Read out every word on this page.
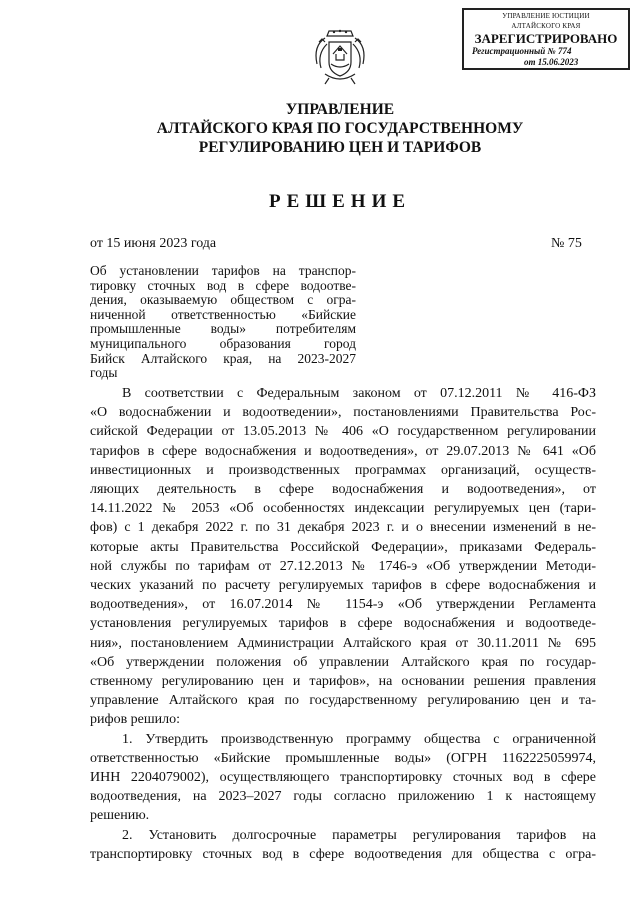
УПРАВЛЕНИЕ ЮСТИЦИИ
АЛТАЙСКОГО КРАЯ
ЗАРЕГИСТРИРОВАНО
Регистрационный № 774
от 15.06.2023
УПРАВЛЕНИЕ
АЛТАЙСКОГО КРАЯ ПО ГОСУДАРСТВЕННОМУ
РЕГУЛИРОВАНИЮ ЦЕН И ТАРИФОВ
РЕШЕНИЕ
от 15 июня 2023 года	№ 75
Об установлении тарифов на транспор-
тировку сточных вод в сфере водоотве-
дения, оказываемую обществом с огра-
ниченной ответственностью «Бийские
промышленные воды» потребителям
муниципального образования город
Бийск Алтайского края, на 2023-2027
годы
В соответствии с Федеральным законом от 07.12.2011 № 416-ФЗ
«О водоснабжении и водоотведении», постановлениями Правительства Рос-
сийской Федерации от 13.05.2013 № 406 «О государственном регулировании
тарифов в сфере водоснабжения и водоотведения», от 29.07.2013 № 641 «Об
инвестиционных и производственных программах организаций, осуществ-
ляющих деятельность в сфере водоснабжения и водоотведения», от
14.11.2022 № 2053 «Об особенностях индексации регулируемых цен (тари-
фов) с 1 декабря 2022 г. по 31 декабря 2023 г. и о внесении изменений в не-
которые акты Правительства Российской Федерации», приказами Федераль-
ной службы по тарифам от 27.12.2013 № 1746-э «Об утверждении Методи-
ческих указаний по расчету регулируемых тарифов в сфере водоснабжения и
водоотведения», от 16.07.2014 № 1154-э «Об утверждении Регламента
установления регулируемых тарифов в сфере водоснабжения и водоотведе-
ния», постановлением Администрации Алтайского края от 30.11.2011 № 695
«Об утверждении положения об управлении Алтайского края по государ-
ственному регулированию цен и тарифов», на основании решения правления
управление Алтайского края по государственному регулированию цен и та-
рифов решило:
1. Утвердить производственную программу общества с ограниченной
ответственностью «Бийские промышленные воды» (ОГРН 1162225059974,
ИНН 2204079002), осуществляющего транспортировку сточных вод в сфере
водоотведения, на 2023–2027 годы согласно приложению 1 к настоящему
решению.
2. Установить долгосрочные параметры регулирования тарифов на
транспортировку сточных вод в сфере водоотведения для общества с огра-
